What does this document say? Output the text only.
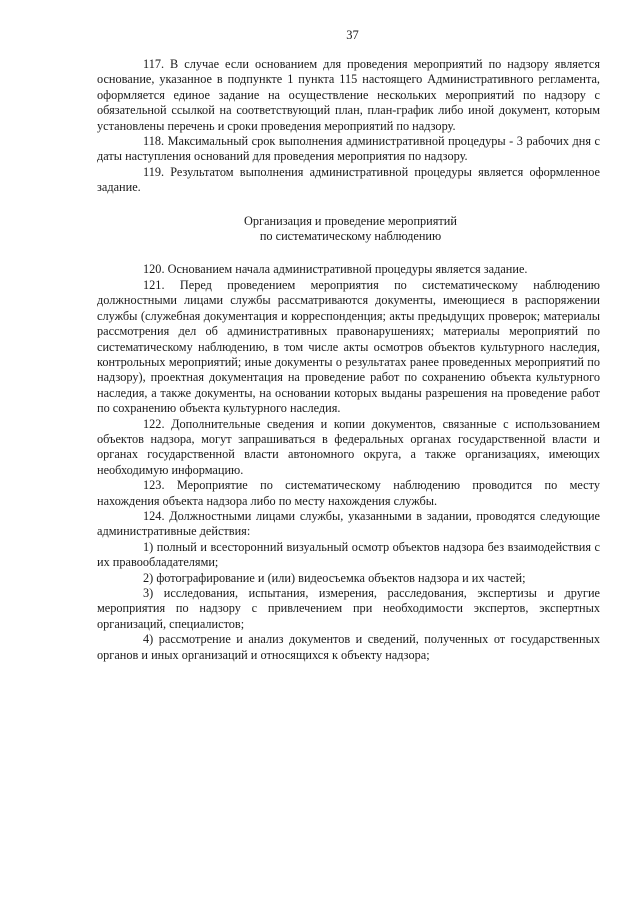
37

117. В случае если основанием для проведения мероприятий по надзору является основание, указанное в подпункте 1 пункта 115 настоящего Административного регламента, оформляется единое задание на осуществление нескольких мероприятий по надзору с обязательной ссылкой на соответствующий план, план-график либо иной документ, которым установлены перечень и сроки проведения мероприятий по надзору.

118. Максимальный срок выполнения административной процедуры - 3 рабочих дня с даты наступления оснований для проведения мероприятия по надзору.

119. Результатом выполнения административной процедуры является оформленное задание.

Организация и проведение мероприятий
по систематическому наблюдению

120. Основанием начала административной процедуры является задание.

121. Перед проведением мероприятия по систематическому наблюдению должностными лицами службы рассматриваются документы, имеющиеся в распоряжении службы (служебная документация и корреспонденция; акты предыдущих проверок; материалы рассмотрения дел об административных правонарушениях; материалы мероприятий по систематическому наблюдению, в том числе акты осмотров объектов культурного наследия, контрольных мероприятий; иные документы о результатах ранее проведенных мероприятий по надзору), проектная документация на проведение работ по сохранению объекта культурного наследия, а также документы, на основании которых выданы разрешения на проведение работ по сохранению объекта культурного наследия.

122. Дополнительные сведения и копии документов, связанные с использованием объектов надзора, могут запрашиваться в федеральных органах государственной власти и органах государственной власти автономного округа, а также организациях, имеющих необходимую информацию.

123. Мероприятие по систематическому наблюдению проводится по месту нахождения объекта надзора либо по месту нахождения службы.

124. Должностными лицами службы, указанными в задании, проводятся следующие административные действия:

1) полный и всесторонний визуальный осмотр объектов надзора без взаимодействия с их правообладателями;

2) фотографирование и (или) видеосъемка объектов надзора и их частей;

3) исследования, испытания, измерения, расследования, экспертизы и другие мероприятия по надзору с привлечением при необходимости экспертов, экспертных организаций, специалистов;

4) рассмотрение и анализ документов и сведений, полученных от государственных органов и иных организаций и относящихся к объекту надзора;
